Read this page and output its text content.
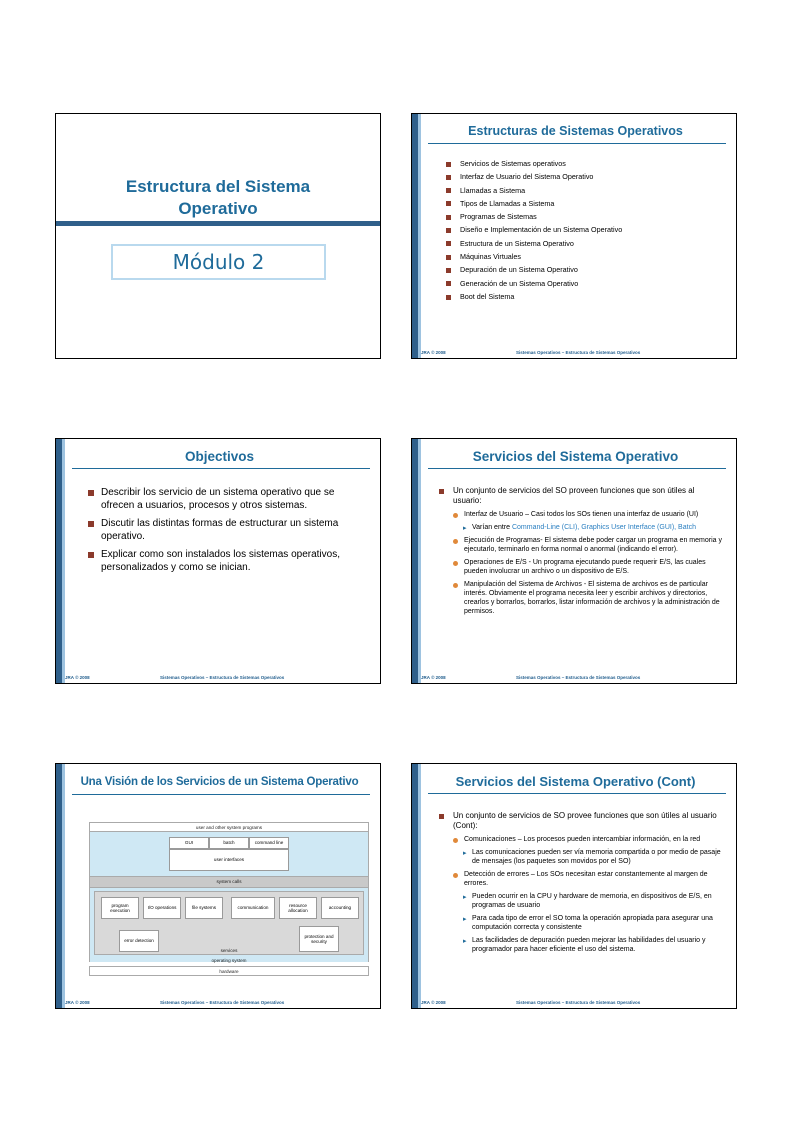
Estructura del Sistema Operativo
Módulo 2
Estructuras de Sistemas Operativos
Servicios de Sistemas operativos
Interfaz de Usuario del Sistema Operativo
Llamadas a Sistema
Tipos de Llamadas a Sistema
Programas de Sistemas
Diseño e Implementación de un Sistema Operativo
Estructura de un Sistema Operativo
Máquinas Virtuales
Depuración de un Sistema Operativo
Generación de un Sistema Operativo
Boot del Sistema
JRA © 2008	Sistemas Operativos – Estructura de Sistemas Operativos
Objectivos
Describir los servicio de un sistema operativo que se ofrecen a usuarios, procesos y otros sistemas.
Discutir las distintas formas de estructurar un sistema operativo.
Explicar como son instalados los sistemas operativos, personalizados y como se inician.
JRA © 2008	Sistemas Operativos – Estructura de Sistemas Operativos
Servicios del Sistema Operativo
Un conjunto de servicios del SO proveen funciones que son útiles al usuario:
Interfaz de Usuario – Casi todos los SOs tienen una interfaz de usuario (UI)
▸ Varían entre Command-Line (CLI), Graphics User Interface (GUI), Batch
Ejecución de Programas- El sistema debe poder cargar un programa en memoria y ejecutarlo, terminarlo en forma normal o anormal (indicando el error).
Operaciones de E/S - Un programa ejecutando puede requerir E/S, las cuales pueden involucrar un archivo o un dispositivo de E/S.
Manipulación del Sistema de Archivos - El sistema de archivos es de particular interés. Obviamente el programa necesita leer y escribir archivos y directorios, crearlos y borrarlos, borrarlos, listar información de archivos y la administración de permisos.
JRA © 2008	Sistemas Operativos – Estructura de Sistemas Operativos
Una Visión de los Servicios de un Sistema Operativo
user and other system programs
GUI	batch	command line
user interfaces
system calls
program execution
I/O operations	file systems	communication
resource allocation
accounting
error detection
protection and security
services
operating system
hardware
JRA © 2008	Sistemas Operativos – Estructura de Sistemas Operativos
Servicios del Sistema Operativo (Cont)
Un conjunto de servicios de SO provee funciones que son útiles al usuario (Cont):
Comunicaciones – Los procesos pueden intercambiar información, en la red
▸ Las comunicaciones pueden ser vía memoria compartida o por medio de pasaje de mensajes (los paquetes son movidos por el SO)
Detección de errores – Los SOs necesitan estar constantemente al margen de errores.
▸ Pueden ocurrir en la CPU y hardware de memoria, en dispositivos de E/S, en programas de usuario
▸ Para cada tipo de error el SO toma la operación apropiada para asegurar una computación correcta y consistente
▸ Las facilidades de depuración pueden mejorar las habilidades del usuario y programador para hacer eficiente el uso del sistema.
JRA © 2008	Sistemas Operativos – Estructura de Sistemas Operativos
